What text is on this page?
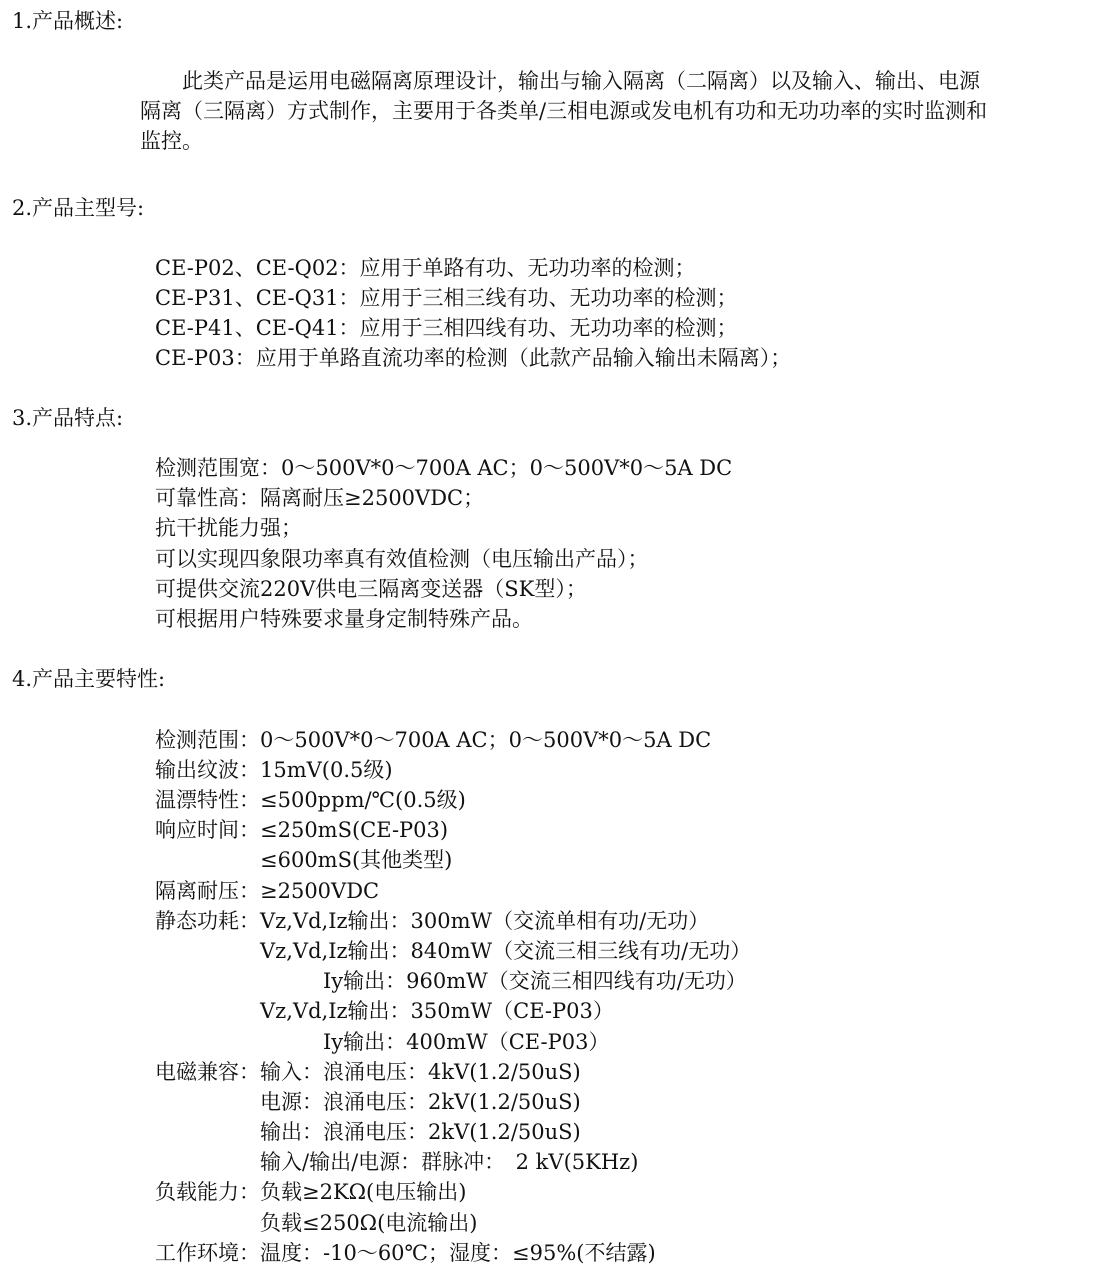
1.产品概述:
　　此类产品是运用电磁隔离原理设计，输出与输入隔离（二隔离）以及输入、输出、电源
隔离（三隔离）方式制作，主要用于各类单/三相电源或发电机有功和无功功率的实时监测和
监控。
2.产品主型号:
CE-P02、CE-Q02：应用于单路有功、无功功率的检测；
CE-P31、CE-Q31：应用于三相三线有功、无功功率的检测；
CE-P41、CE-Q41：应用于三相四线有功、无功功率的检测；
CE-P03：应用于单路直流功率的检测（此款产品输入输出未隔离）；
3.产品特点:
检测范围宽：0～500V*0～700A AC；0～500V*0～5A DC
可靠性高：隔离耐压≥2500VDC；
抗干扰能力强；
可以实现四象限功率真有效值检测（电压输出产品）；
可提供交流220V供电三隔离变送器（SK型）；
可根据用户特殊要求量身定制特殊产品。
4.产品主要特性:
检测范围：0～500V*0～700A AC；0～500V*0～5A DC
输出纹波：15mV(0.5级)
温漂特性：≤500ppm/℃(0.5级)
响应时间：≤250mS(CE-P03)
　　　　　≤600mS(其他类型)
隔离耐压：≥2500VDC
静态功耗：Vz,Vd,Iz输出：300mW（交流单相有功/无功）
　　　　　Vz,Vd,Iz输出：840mW（交流三相三线有功/无功）
　　　　　　　　Iy输出：960mW（交流三相四线有功/无功）
　　　　　Vz,Vd,Iz输出：350mW（CE-P03）
　　　　　　　　Iy输出：400mW（CE-P03）
电磁兼容：输入：浪涌电压：4kV(1.2/50uS)
　　　　　电源：浪涌电压：2kV(1.2/50uS)
　　　　　输出：浪涌电压：2kV(1.2/50uS)
　　　　　输入/输出/电源：群脉冲：　2 kV(5KHz)
负载能力：负载≥2KΩ(电压输出)
　　　　　负载≤250Ω(电流输出)
工作环境：温度：-10～60℃；湿度：≤95%(不结露)
